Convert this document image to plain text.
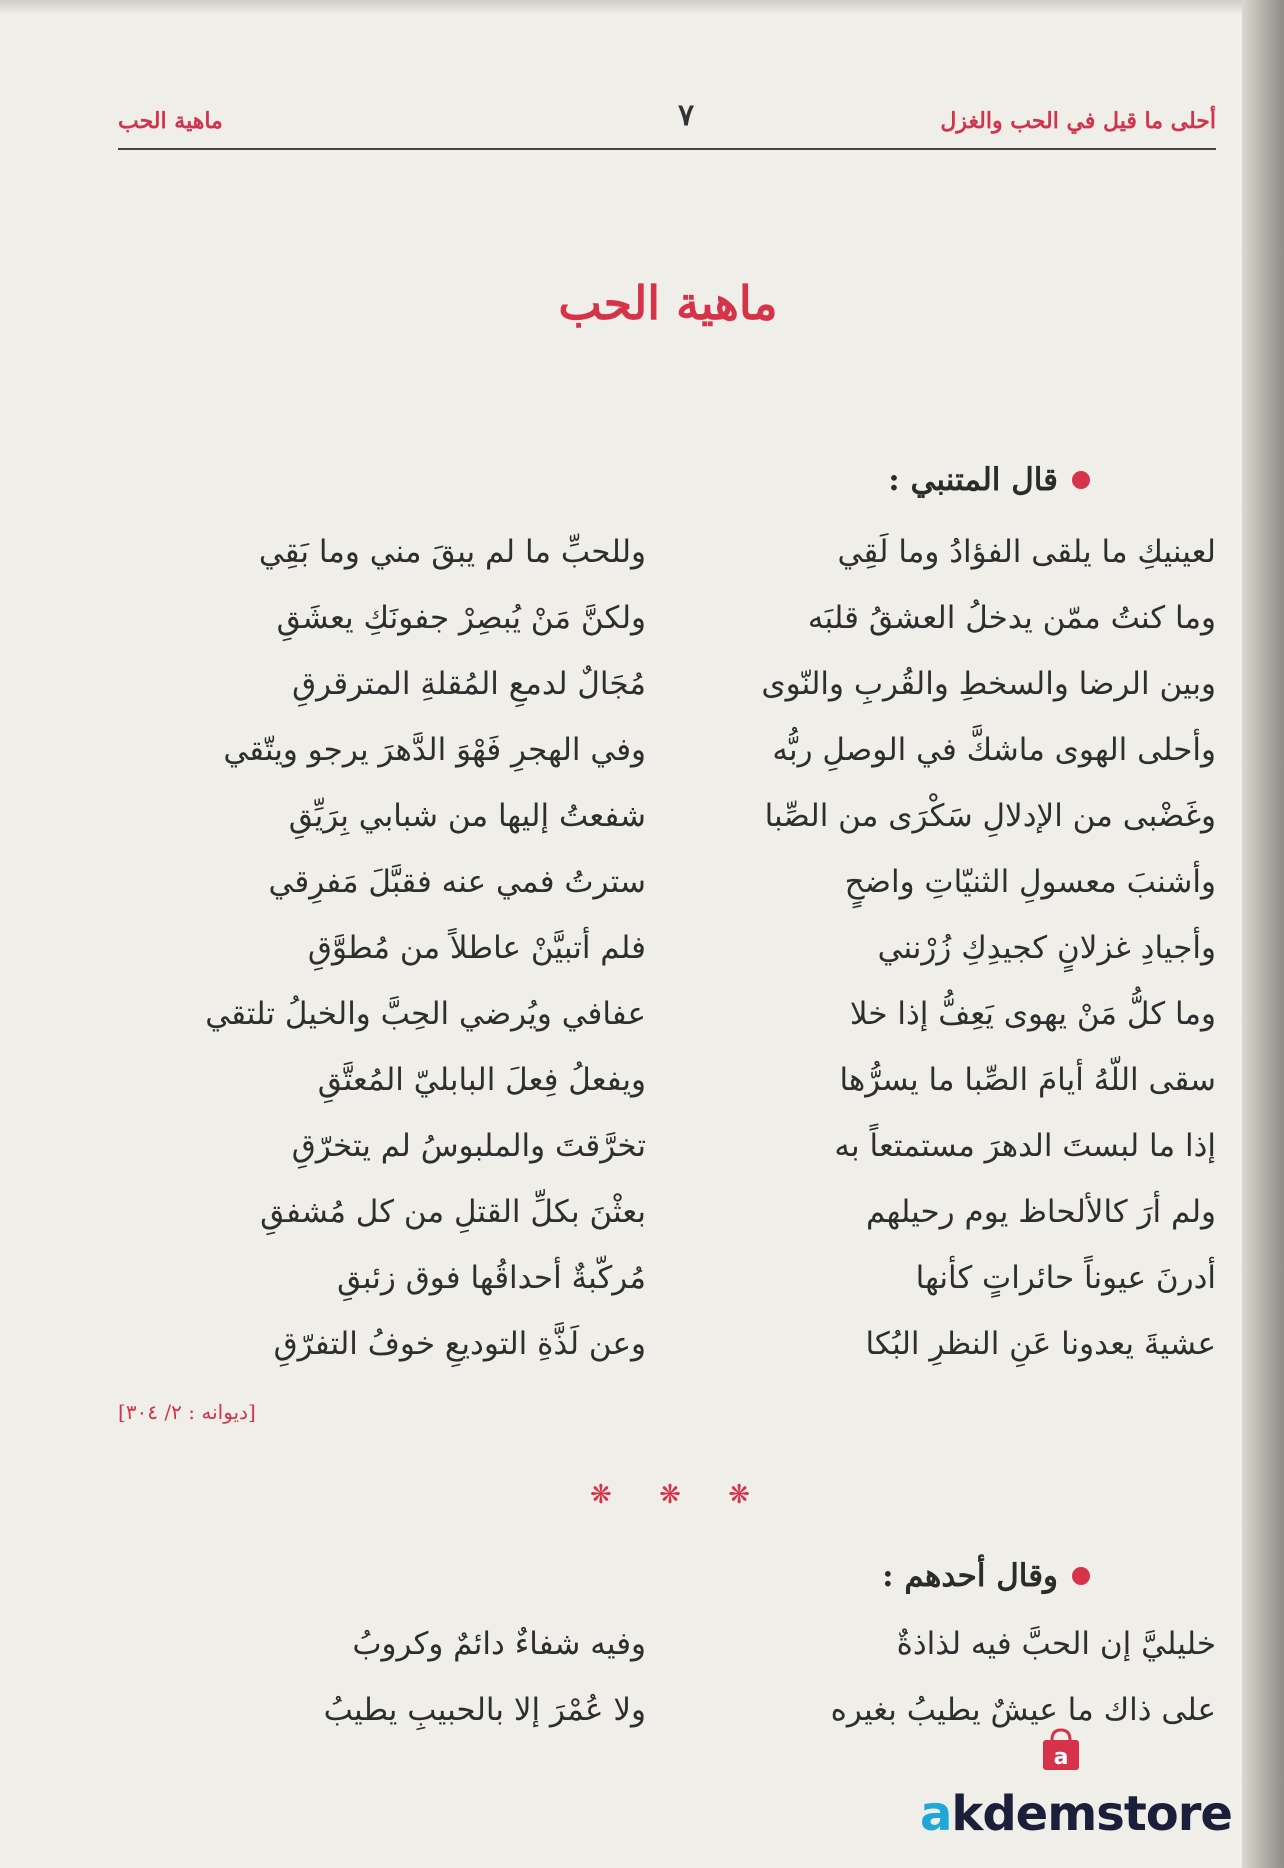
أحلى ما قيل في الحب والغزل
٧
ماهية الحب
ماهية الحب
قال المتنبي :
لعينيكِ ما يلقى الفؤادُ وما لَقِي
وللحبِّ ما لم يبقَ مني وما بَقِي
وما كنتُ ممّن يدخلُ العشقُ قلبَه
ولكنَّ مَنْ يُبصِرْ جفونَكِ يعشَقِ
وبين الرضا والسخطِ والقُربِ والنّوى
مُجَالٌ لدمعِ المُقلةِ المترقرقِ
وأحلى الهوى ماشكَّ في الوصلِ ربُّه
وفي الهجرِ فَهْوَ الدَّهرَ يرجو ويتّقي
وغَضْبى من الإدلالِ سَكْرَى من الصِّبا
شفعتُ إليها من شبابي بِرَيِّقِ
وأشنبَ معسولِ الثنيّاتِ واضحٍ
سترتُ فمي عنه فقبَّلَ مَفرِقي
وأجيادِ غزلانٍ كجيدِكِ زُرْنني
فلم أتبيَّنْ عاطلاً من مُطوَّقِ
وما كلُّ مَنْ يهوى يَعِفُّ إذا خلا
عفافي ويُرضي الحِبَّ والخيلُ تلتقي
سقى اللّهُ أيامَ الصِّبا ما يسرُّها
ويفعلُ فِعلَ البابليّ المُعتَّقِ
إذا ما لبستَ الدهرَ مستمتعاً به
تخرَّقتَ والملبوسُ لم يتخرّقِ
ولم أرَ كالألحاظ يوم رحيلهم
بعثْنَ بكلِّ القتلِ من كل مُشفقِ
أدرنَ عيوناً حائراتٍ كأنها
مُركّبةٌ أحداقُها فوق زئبقِ
عشيةَ يعدونا عَنِ النظرِ البُكا
وعن لَذَّةِ التوديعِ خوفُ التفرّقِ
[ديوانه : ٢/ ٣٠٤]
❋
❋
❋
وقال أحدهم :
خليليَّ إن الحبَّ فيه لذاذةٌ
وفيه شفاءٌ دائمٌ وكروبُ
على ذاك ما عيشٌ يطيبُ بغيره
ولا عُمْرَ إلا بالحبيبِ يطيبُ
a
akdemstore
